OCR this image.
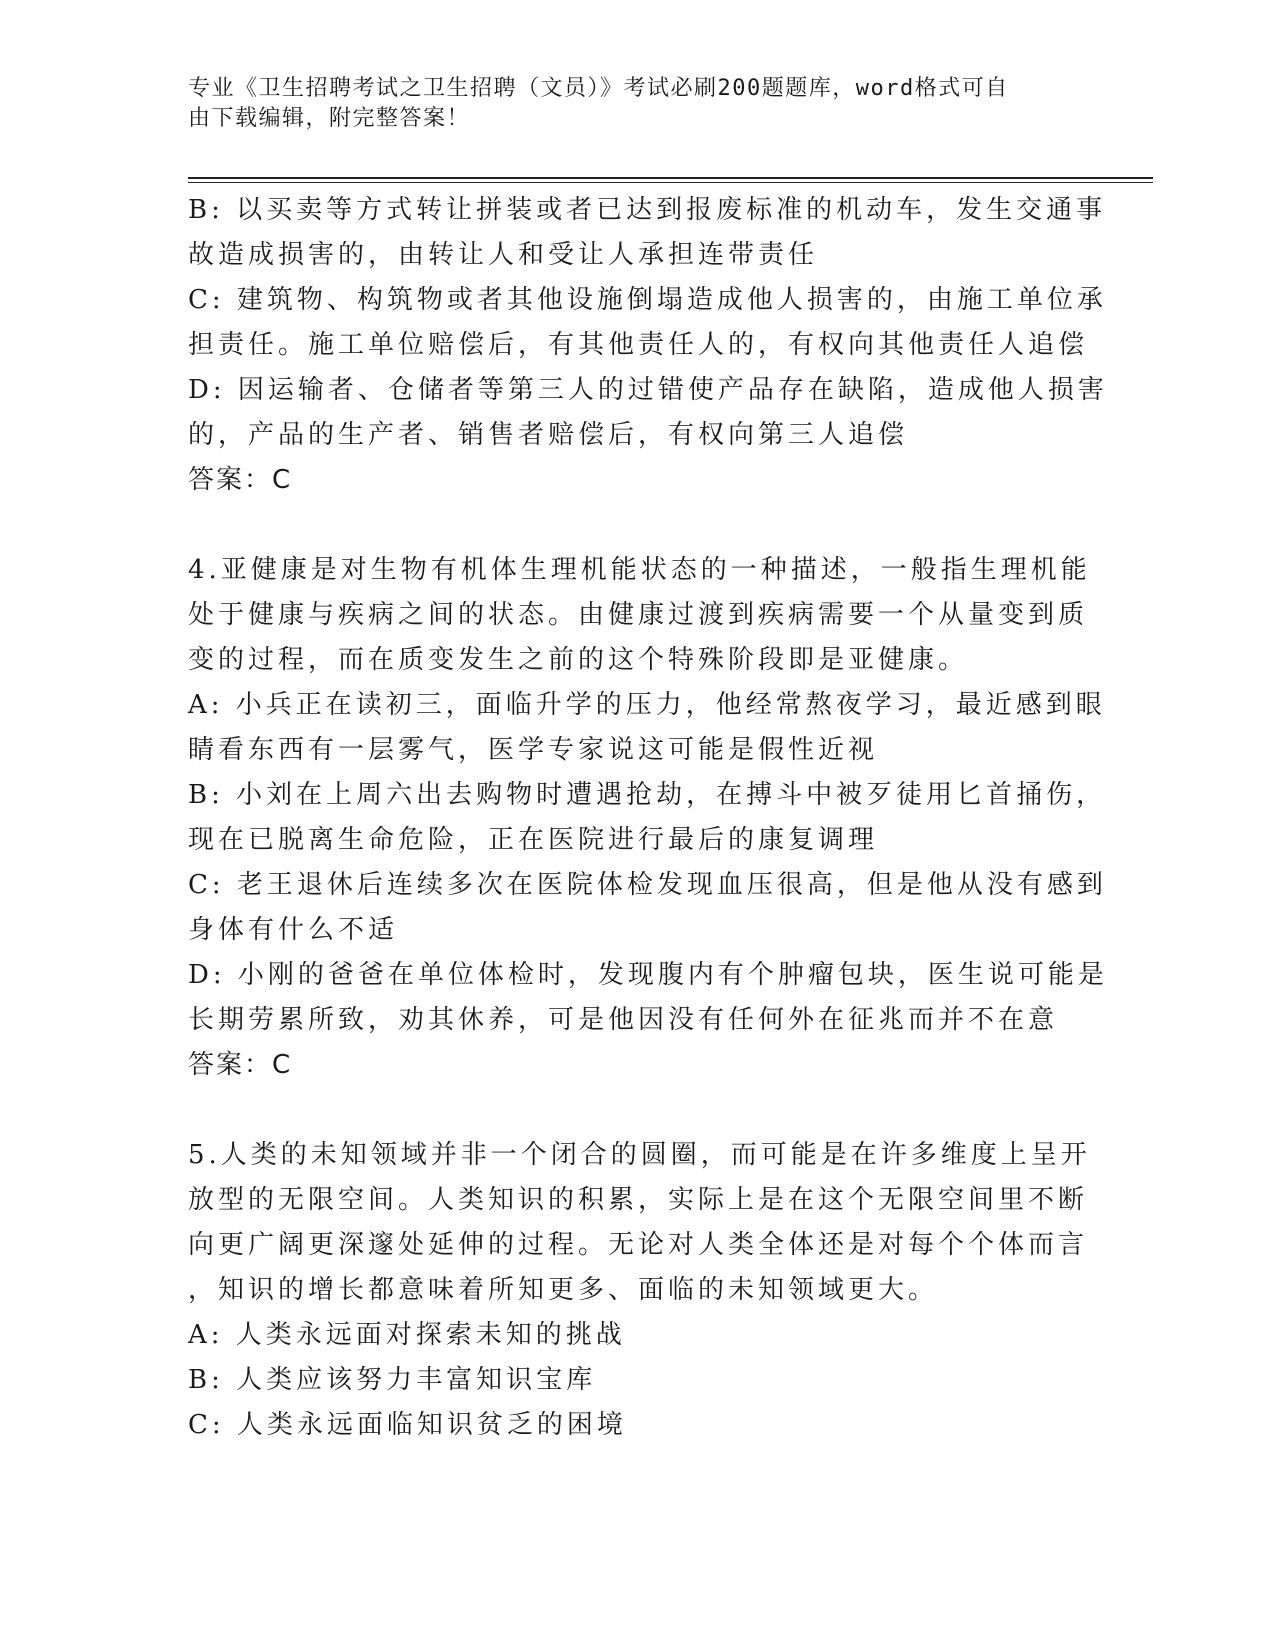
专业《卫生招聘考试之卫生招聘（文员）》考试必刷200题题库，word格式可自
由下载编辑，附完整答案！
B: 以买卖等方式转让拼装或者已达到报废标准的机动车，发生交通事
故造成损害的，由转让人和受让人承担连带责任
C: 建筑物、构筑物或者其他设施倒塌造成他人损害的，由施工单位承
担责任。施工单位赔偿后，有其他责任人的，有权向其他责任人追偿
D: 因运输者、仓储者等第三人的过错使产品存在缺陷，造成他人损害
的，产品的生产者、销售者赔偿后，有权向第三人追偿
答案：C
4.亚健康是对生物有机体生理机能状态的一种描述，一般指生理机能
处于健康与疾病之间的状态。由健康过渡到疾病需要一个从量变到质
变的过程，而在质变发生之前的这个特殊阶段即是亚健康。
A: 小兵正在读初三，面临升学的压力，他经常熬夜学习，最近感到眼
睛看东西有一层雾气，医学专家说这可能是假性近视
B: 小刘在上周六出去购物时遭遇抢劫，在搏斗中被歹徒用匕首捅伤，
现在已脱离生命危险，正在医院进行最后的康复调理
C: 老王退休后连续多次在医院体检发现血压很高，但是他从没有感到
身体有什么不适
D: 小刚的爸爸在单位体检时，发现腹内有个肿瘤包块，医生说可能是
长期劳累所致，劝其休养，可是他因没有任何外在征兆而并不在意
答案：C
5.人类的未知领域并非一个闭合的圆圈，而可能是在许多维度上呈开
放型的无限空间。人类知识的积累，实际上是在这个无限空间里不断
向更广阔更深邃处延伸的过程。无论对人类全体还是对每个个体而言
，知识的增长都意味着所知更多、面临的未知领域更大。
A: 人类永远面对探索未知的挑战
B: 人类应该努力丰富知识宝库
C: 人类永远面临知识贫乏的困境
